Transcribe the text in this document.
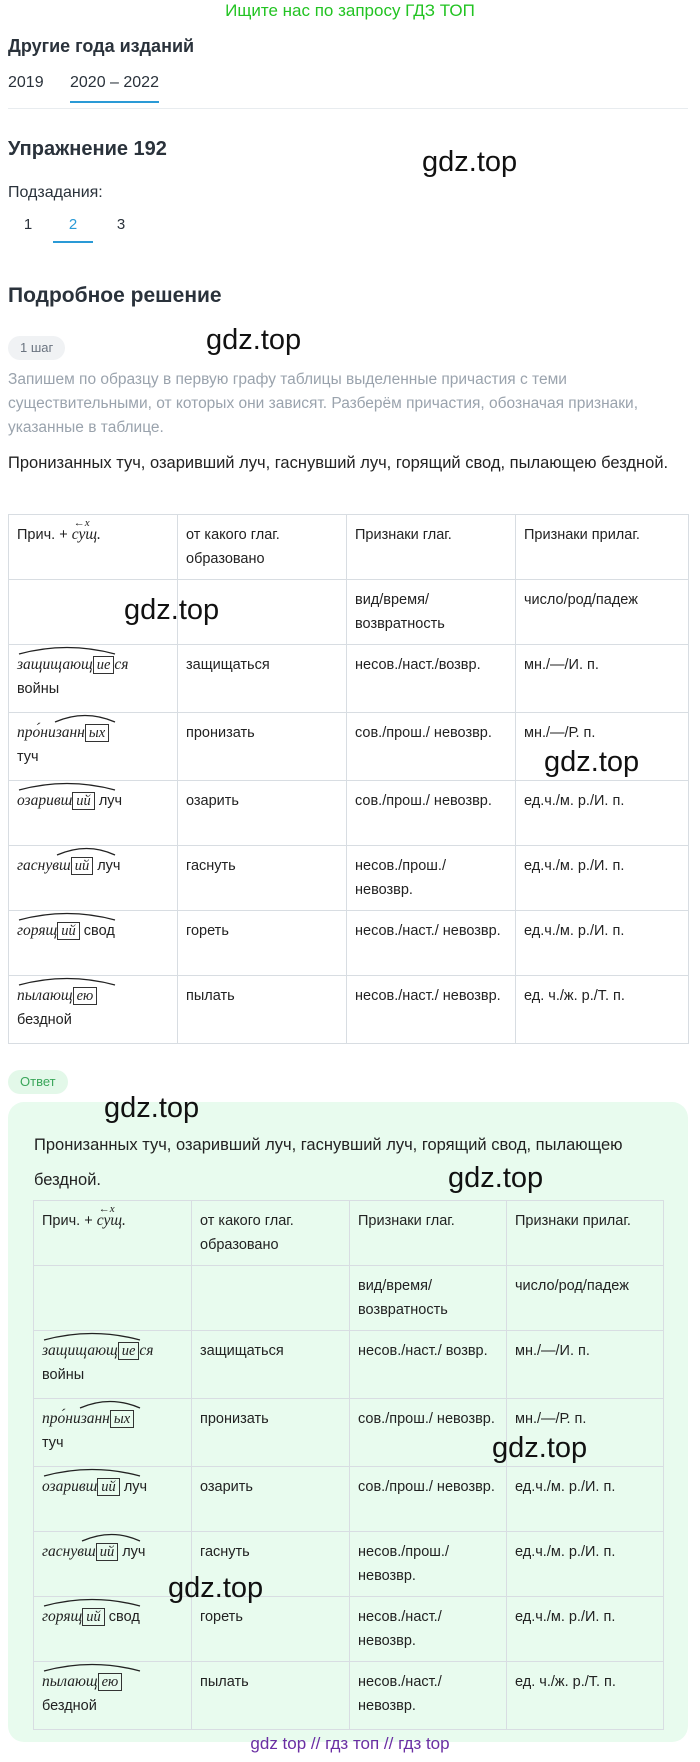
Ищите нас по запросу ГДЗ ТОП
Другие года изданий
2019 2020 – 2022
Упражнение 192	gdz.top
Подзадания:
1	2	3
Подробное решение
1 шаг	gdz.top
Запишем по образцу в первую графу таблицы выделенные причастия с теми существительными, от которых они зависят. Разберём причастия, обозначая признаки, указанные в таблице.
Пронизанных туч, озаривший луч, гаснувший луч, горящий свод, пылающею бездной.
Прич. +
←x
сущ.	от какого глаг. образовано	Признаки глаг.	Признаки прилаг.
		вид/время/ возвратность	число/род/падеж

защищающ ие ся
войны	защищаться	несов./наст./возвр.	мн./—/И. п.

про́низанн ых
туч	пронизать	сов./прош./ невозвр.	мн./—/Р. п.

озаривш ий луч	озарить	сов./прош./ невозвр.	ед.ч./м. р./И. п.

гаснувш ий луч	гаснуть	несов./прош./ невозвр.	ед.ч./м. р./И. п.

горящ ий свод	гореть	несов./наст./ невозвр.	ед.ч./м. р./И. п.

пылающ ею
бездной	пылать	несов./наст./ невозвр.	ед. ч./ж. р./Т. п.
gdz.top
gdz.top
Ответ
gdz.top
Пронизанных туч, озаривший луч, гаснувший луч, горящий свод, пылающею бездной.	gdz.top
Прич. +
←x
сущ.	от какого глаг. образовано	Признаки глаг.	Признаки прилаг.
		вид/время/ возвратность	число/род/падеж

защищающ ие ся
войны	защищаться	несов./наст./ возвр.	мн./—/И. п.

про́низанн ых
туч	пронизать	сов./прош./ невозвр.	мн./—/Р. п.

озаривш ий луч	озарить	сов./прош./ невозвр.	ед.ч./м. р./И. п.

гаснувш ий луч	гаснуть	несов./прош./ невозвр.	ед.ч./м. р./И. п.

горящ ий свод	гореть	несов./наст./ невозвр.	ед.ч./м. р./И. п.

пылающ ею
бездной	пылать	несов./наст./ невозвр.	ед. ч./ж. р./Т. п.
gdz.top
gdz.top
gdz top // гдз топ // гдз top
